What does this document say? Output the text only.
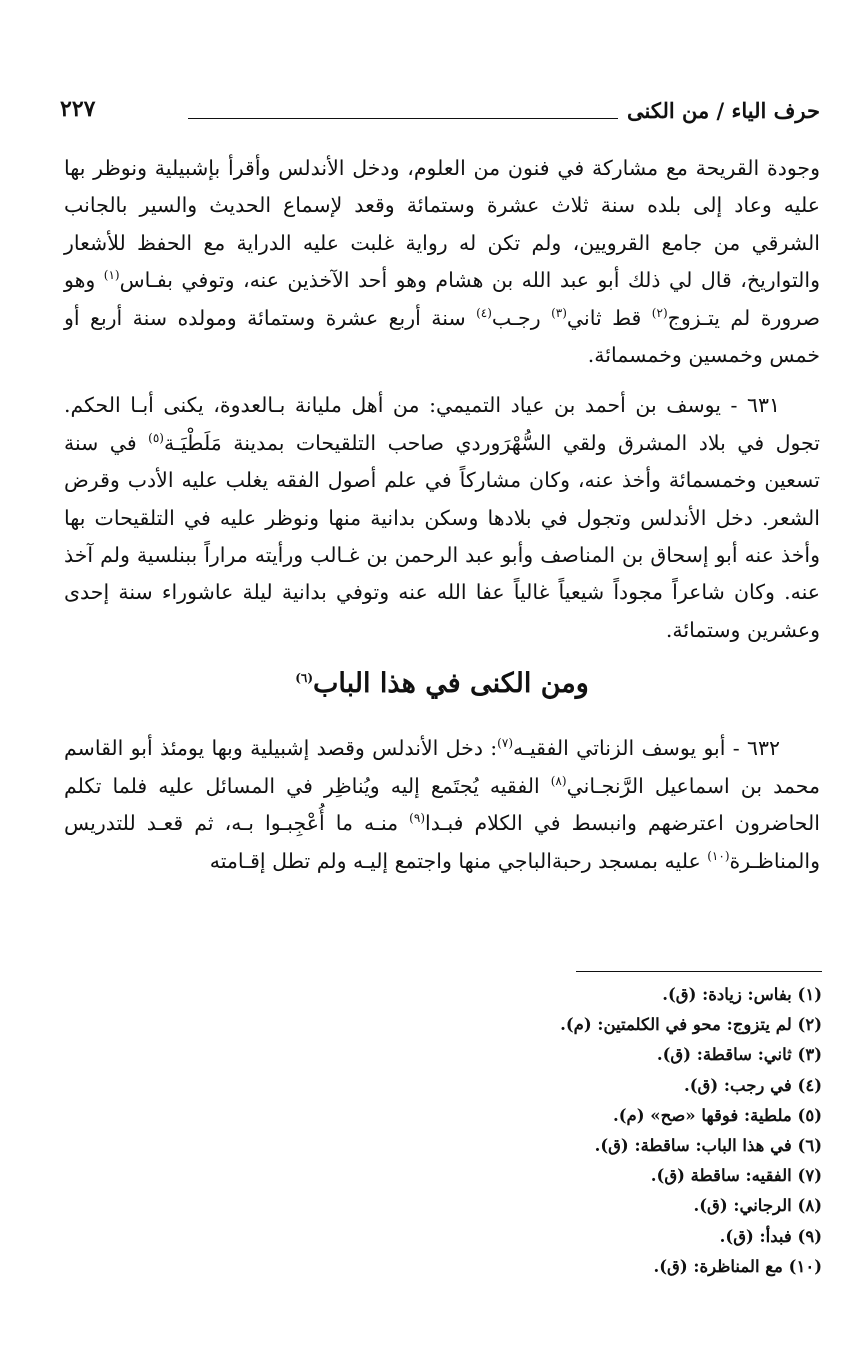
حرف الياء / من الكنى
٢٢٧

وجودة القريحة مع مشاركة في فنون من العلوم، ودخل الأندلس وأقرأ بإشبيلية ونوظر بها عليه وعاد إلى بلده سنة ثلاث عشرة وستمائة وقعد لإسماع الحديث والسير بالجانب الشرقي من جامع القرويين، ولم تكن له رواية غلبت عليه الدراية مع الحفظ للأشعار والتواريخ، قال لي ذلك أبو عبد الله بن هشام وهو أحد الآخذين عنه، وتوفي بفـاس$^{(١)}$ وهو صرورة لم يتـزوج$^{(٢)}$ قط ثاني$^{(٣)}$ رجـب$^{(٤)}$ سنة أربع عشرة وستمائة ومولده سنة أربع أو خمس وخمسين وخمسمائة.

٦٣١ - يوسف بن أحمد بن عياد التميمي: من أهل مليانة بـالعدوة، يكنى أبـا الحكم. تجول في بلاد المشرق ولقي السُّهْرَوردي صاحب التلقيحات بمدينة مَلَطْيَـة$^{(٥)}$ في سنة تسعين وخمسمائة وأخذ عنه، وكان مشاركاً في علم أصول الفقه يغلب عليه الأدب وقرض الشعر. دخل الأندلس وتجول في بلادها وسكن بدانية منها ونوظر عليه في التلقيحات بها وأخذ عنه أبو إسحاق بن المناصف وأبو عبد الرحمن بن غـالب ورأيته مراراً ببنلسية ولم آخذ عنه. وكان شاعراً مجوداً شيعياً غالياً عفا الله عنه وتوفي بدانية ليلة عاشوراء سنة إحدى وعشرين وستمائة.

ومن الكنى في هذا الباب$^{(٦)}$

٦٣٢ - أبو يوسف الزناتي الفقيـه$^{(٧)}$: دخل الأندلس وقصد إشبيلية وبها يومئذ أبو القاسم محمد بن اسماعيل الرَّنجـاني$^{(٨)}$ الفقيه يُجتَمع إليه ويُناظِر في المسائل عليه فلما تكلم الحاضرون اعترضهم وانبسط في الكلام فبـدا$^{(٩)}$ منـه ما أُعْجِبـوا بـه، ثم قعـد للتدريس والمناظـرة$^{(١٠)}$ عليه بمسجد رحبةالباجي منها واجتمع إليـه ولم تطل إقـامته

(١) بفاس: زيادة: (ق).
(٢) لم يتزوج: محو في الكلمتين: (م).
(٣) ثاني: ساقطة: (ق).
(٤) في رجب: (ق).
(٥) ملطية: فوقها «صح» (م).
(٦) في هذا الباب: ساقطة: (ق).
(٧) الفقيه: ساقطة (ق).
(٨) الرجاني: (ق).
(٩) فبدأ: (ق).
(١٠) مع المناظرة: (ق).
